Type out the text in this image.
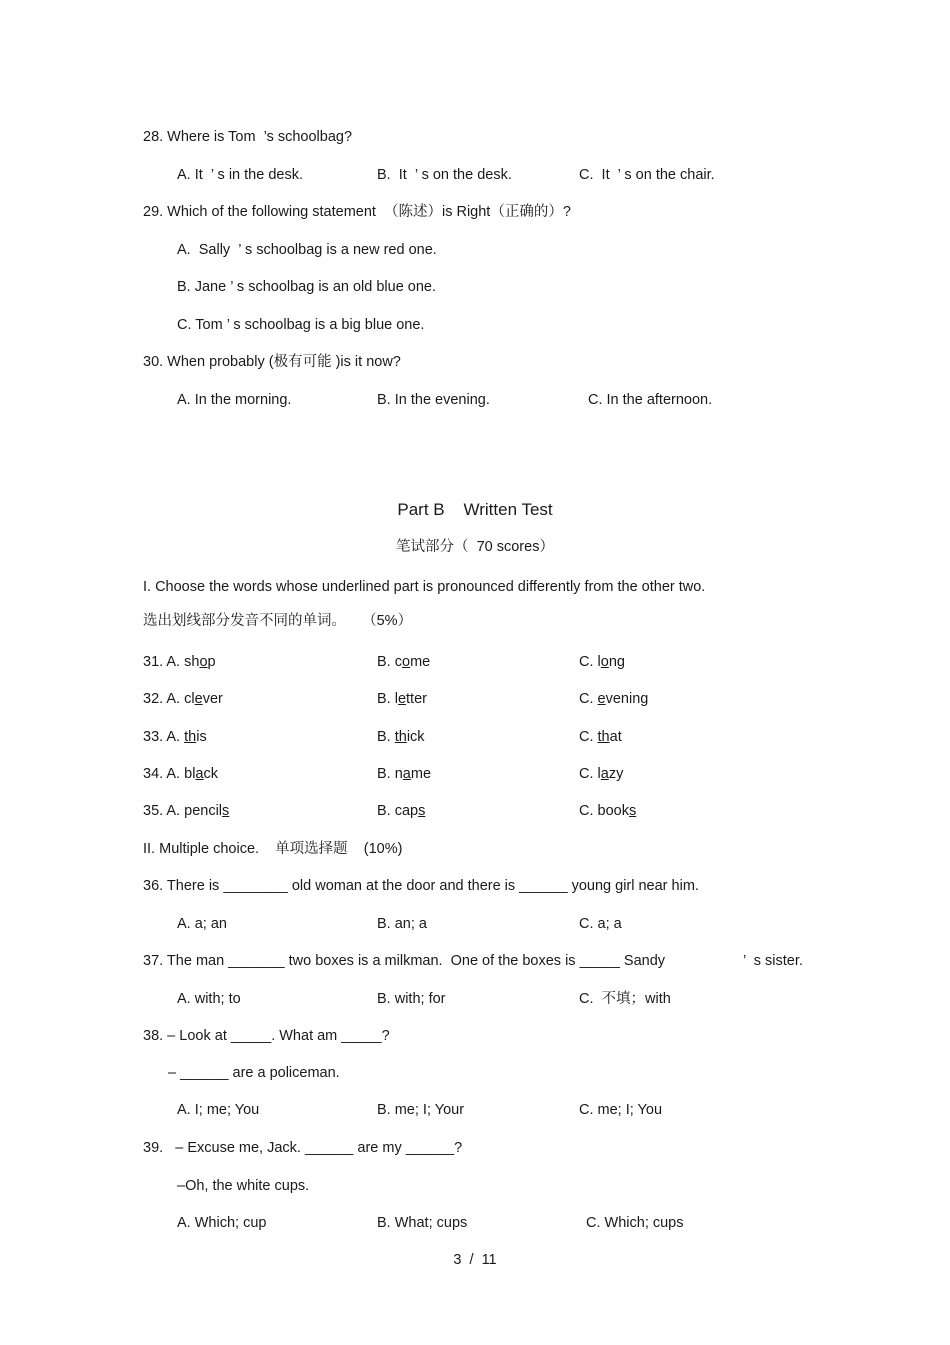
28. Where is Tom  ’s schoolbag?
A. It  ’ s in the desk.	B.  It  ’ s on the desk.	C.  It  ’ s on the chair.
29. Which of the following statement  （陈述）is Right（正确的）?
A.  Sally  ’ s schoolbag is a new red one.
B. Jane ’ s schoolbag is an old blue one.
C. Tom ’ s schoolbag is a big blue one.
30. When probably (极有可能 )is it now?
A. In the morning.	B. In the evening.	C. In the afternoon.
Part B    Written Test
笔试部分（  70 scores）
I. Choose the words whose underlined part is pronounced differently from the other two.
选出划线部分发音不同的单词。    （5%）
31. A. shop	B. come	C. long
32. A. clever	B. letter	C. evening
33. A. this	B. thick	C. that
34. A. black	B. name	C. lazy
35. A. pencils	B. caps	C. books
II. Multiple choice.    单项选择题    (10%)
36. There is ________ old woman at the door and there is ______ young girl near him.
A. a; an	B. an; a	C. a; a
37. The man _______ two boxes is a milkman.  One of the boxes is _____ Sandy	’  s sister.
A. with; to	B. with; for	C.  不填；with
38. – Look at _____. What am _____?
– ______ are a policeman.
A. I; me; You	B. me; I; Your	C. me; I; You
39.   – Excuse me, Jack. ______ are my ______?
–Oh, the white cups.
A. Which; cup	B. What; cups	C. Which; cups
3  /  11
